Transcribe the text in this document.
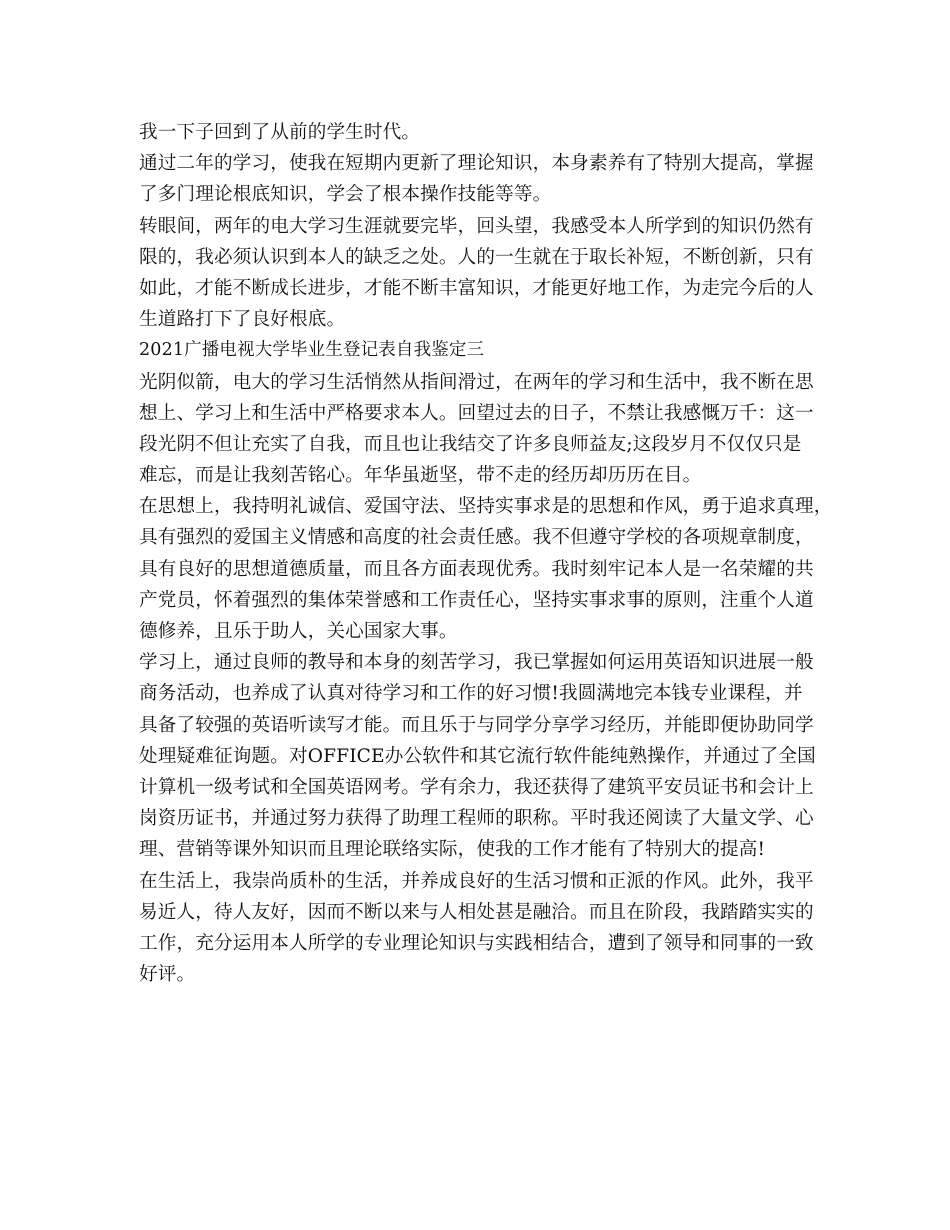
我一下子回到了从前的学生时代。
通过二年的学习，使我在短期内更新了理论知识，本身素养有了特别大提高，掌握
了多门理论根底知识，学会了根本操作技能等等。
转眼间，两年的电大学习生涯就要完毕，回头望，我感受本人所学到的知识仍然有
限的，我必须认识到本人的缺乏之处。人的一生就在于取长补短，不断创新，只有
如此，才能不断成长进步，才能不断丰富知识，才能更好地工作，为走完今后的人
生道路打下了良好根底。
2021广播电视大学毕业生登记表自我鉴定三
光阴似箭，电大的学习生活悄然从指间滑过，在两年的学习和生活中，我不断在思
想上、学习上和生活中严格要求本人。回望过去的日子，不禁让我感慨万千：这一
段光阴不但让充实了自我，而且也让我结交了许多良师益友;这段岁月不仅仅只是
难忘，而是让我刻苦铭心。年华虽逝坚，带不走的经历却历历在目。
在思想上，我持明礼诚信、爱国守法、坚持实事求是的思想和作风，勇于追求真理，
具有强烈的爱国主义情感和高度的社会责任感。我不但遵守学校的各项规章制度，
具有良好的思想道德质量，而且各方面表现优秀。我时刻牢记本人是一名荣耀的共
产党员，怀着强烈的集体荣誉感和工作责任心，坚持实事求事的原则，注重个人道
德修养，且乐于助人，关心国家大事。
学习上，通过良师的教导和本身的刻苦学习，我已掌握如何运用英语知识进展一般
商务活动，也养成了认真对待学习和工作的好习惯!我圆满地完本钱专业课程，并
具备了较强的英语听读写才能。而且乐于与同学分享学习经历，并能即便协助同学
处理疑难征询题。对OFFICE办公软件和其它流行软件能纯熟操作，并通过了全国
计算机一级考试和全国英语网考。学有余力，我还获得了建筑平安员证书和会计上
岗资历证书，并通过努力获得了助理工程师的职称。平时我还阅读了大量文学、心
理、营销等课外知识而且理论联络实际，使我的工作才能有了特别大的提高!
在生活上，我崇尚质朴的生活，并养成良好的生活习惯和正派的作风。此外，我平
易近人，待人友好，因而不断以来与人相处甚是融洽。而且在阶段，我踏踏实实的
工作，充分运用本人所学的专业理论知识与实践相结合，遭到了领导和同事的一致
好评。
